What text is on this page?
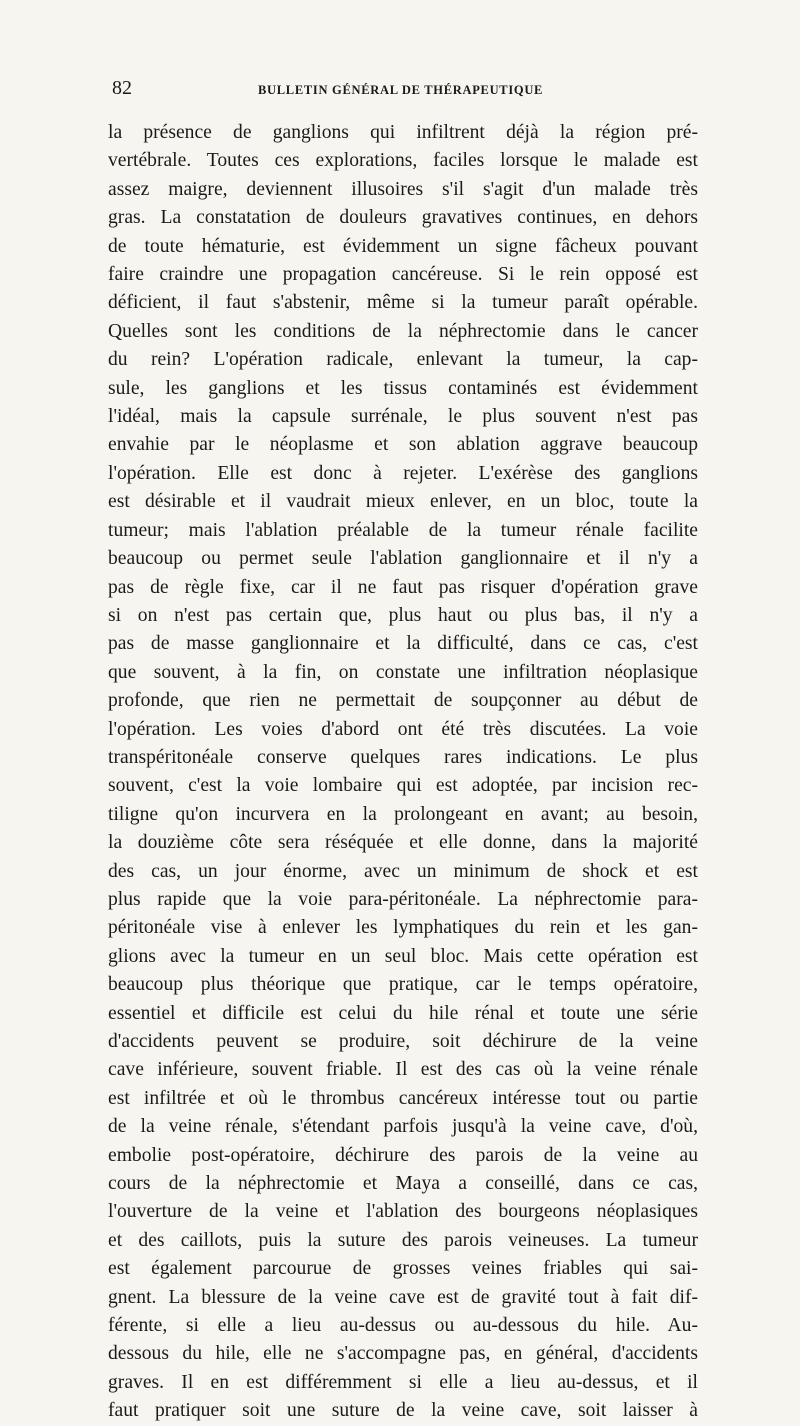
82	BULLETIN GÉNÉRAL DE THÉRAPEUTIQUE
la présence de ganglions qui infiltrent déjà la région pré-
vertébrale. Toutes ces explorations, faciles lorsque le malade est
assez maigre, deviennent illusoires s'il s'agit d'un malade très
gras. La constatation de douleurs gravatives continues, en dehors
de toute hématurie, est évidemment un signe fâcheux pouvant
faire craindre une propagation cancéreuse. Si le rein opposé est
déficient, il faut s'abstenir, même si la tumeur paraît opérable.
Quelles sont les conditions de la néphrectomie dans le cancer
du rein? L'opération radicale, enlevant la tumeur, la cap-
sule, les ganglions et les tissus contaminés est évidemment
l'idéal, mais la capsule surrénale, le plus souvent n'est pas
envahie par le néoplasme et son ablation aggrave beaucoup
l'opération. Elle est donc à rejeter. L'exérèse des ganglions
est désirable et il vaudrait mieux enlever, en un bloc, toute la
tumeur; mais l'ablation préalable de la tumeur rénale facilite
beaucoup ou permet seule l'ablation ganglionnaire et il n'y a
pas de règle fixe, car il ne faut pas risquer d'opération grave
si on n'est pas certain que, plus haut ou plus bas, il n'y a
pas de masse ganglionnaire et la difficulté, dans ce cas, c'est
que souvent, à la fin, on constate une infiltration néoplasique
profonde, que rien ne permettait de soupçonner au début de
l'opération. Les voies d'abord ont été très discutées. La voie
transpéritonéale conserve quelques rares indications. Le plus
souvent, c'est la voie lombaire qui est adoptée, par incision rec-
tiligne qu'on incurvera en la prolongeant en avant; au besoin,
la douzième côte sera réséquée et elle donne, dans la majorité
des cas, un jour énorme, avec un minimum de shock et est
plus rapide que la voie para-péritonéale. La néphrectomie para-
péritonéale vise à enlever les lymphatiques du rein et les gan-
glions avec la tumeur en un seul bloc. Mais cette opération est
beaucoup plus théorique que pratique, car le temps opératoire,
essentiel et difficile est celui du hile rénal et toute une série
d'accidents peuvent se produire, soit déchirure de la veine
cave inférieure, souvent friable. Il est des cas où la veine rénale
est infiltrée et où le thrombus cancéreux intéresse tout ou partie
de la veine rénale, s'étendant parfois jusqu'à la veine cave, d'où,
embolie post-opératoire, déchirure des parois de la veine au
cours de la néphrectomie et Maya a conseillé, dans ce cas,
l'ouverture de la veine et l'ablation des bourgeons néoplasiques
et des caillots, puis la suture des parois veineuses. La tumeur
est également parcourue de grosses veines friables qui sai-
gnent. La blessure de la veine cave est de gravité tout à fait dif-
férente, si elle a lieu au-dessus ou au-dessous du hile. Au-
dessous du hile, elle ne s'accompagne pas, en général, d'accidents
graves. Il en est différemment si elle a lieu au-dessus, et il
faut pratiquer soit une suture de la veine cave, soit laisser à
